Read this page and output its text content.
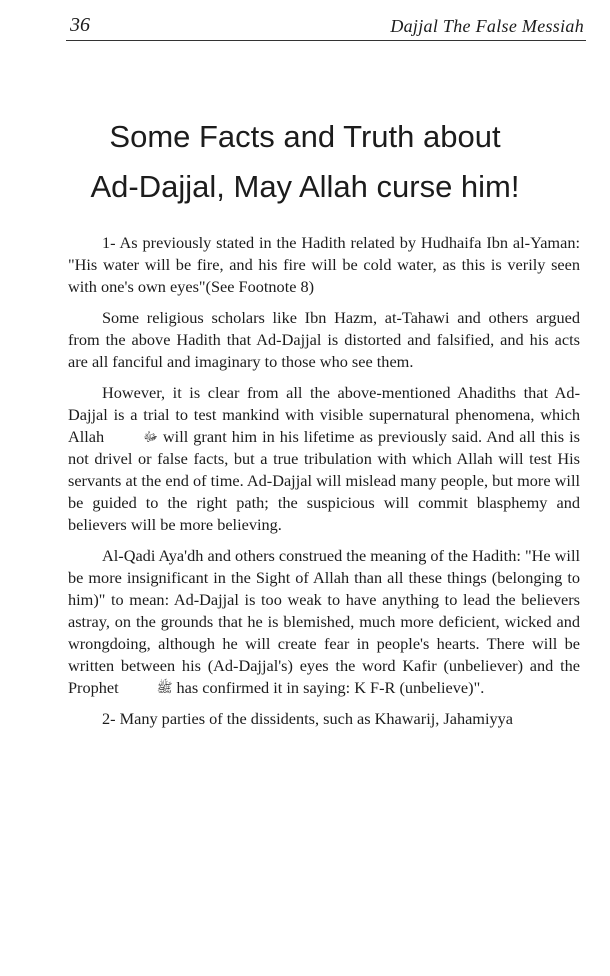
36	Dajjal The False Messiah
Some Facts and Truth about
Ad-Dajjal, May Allah curse him!

1- As previously stated in the Hadith related by Hudhaifa Ibn al-Yaman: "His water will be fire, and his fire will be cold water, as this is verily seen with one's own eyes"(See Footnote 8)

Some religious scholars like Ibn Hazm, at-Tahawi and others argued from the above Hadith that Ad-Dajjal is distorted and falsified, and his acts are all fanciful and imaginary to those who see them.

However, it is clear from all the above-mentioned Ahadiths that Ad-Dajjal is a trial to test mankind with visible supernatural phenomena, which Allah	ﷻ will grant him in his lifetime as previously said. And all this is not drivel or false facts, but a true tribulation with which Allah will test His servants at the end of time. Ad-Dajjal will mislead many people, but more will be guided to the right path; the suspicious will commit blasphemy and believers will be more believing.

Al-Qadi Aya'dh and others construed the meaning of the Hadith: "He will be more insignificant in the Sight of Allah than all these things (belonging to him)" to mean: Ad-Dajjal is too weak to have anything to lead the believers astray, on the grounds that he is blemished, much more deficient, wicked and wrongdoing, although he will create fear in people's hearts. There will be written between his (Ad-Dajjal's) eyes the word Kafir (unbeliever) and the Prophet	ﷺ has confirmed it in saying: K F-R (unbelieve)".

2- Many parties of the dissidents, such as Khawarij, Jahamiyya
